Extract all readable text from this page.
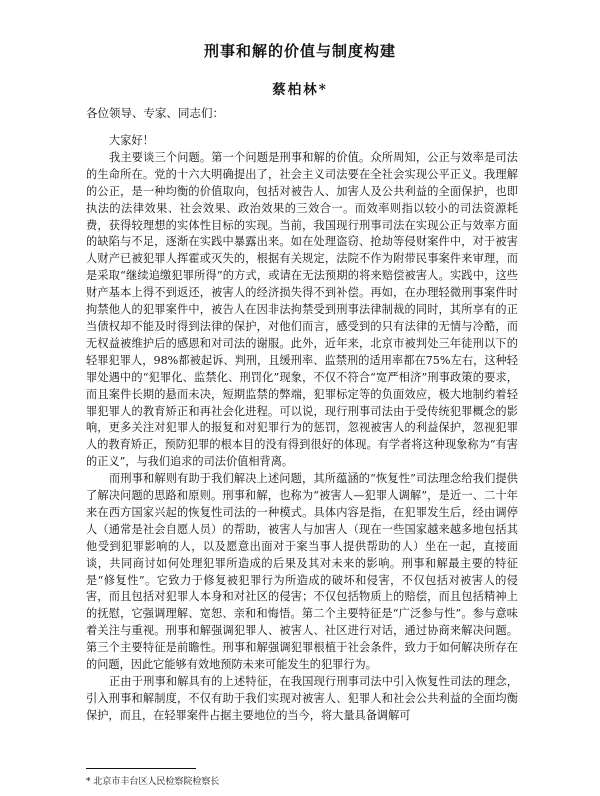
刑事和解的价值与制度构建
蔡柏林*
各位领导、专家、同志们：

大家好！

我主要谈三个问题。第一个问题是刑事和解的价值。众所周知，公正与效率是司法的生命所在。党的十六大明确提出了，社会主义司法要在全社会实现公平正义。我理解的公正，是一种均衡的价值取向，包括对被告人、加害人及公共利益的全面保护，也即执法的法律效果、社会效果、政治效果的三效合一。而效率则指以较小的司法资源耗费，获得较理想的实体性目标的实现。当前，我国现行刑事司法在实现公正与效率方面的缺陷与不足，逐渐在实践中暴露出来。如在处理盗窃、抢劫等侵财案件中，对于被害人财产已被犯罪人挥霍或灭失的，根据有关规定，法院不作为附带民事案件来审理，而是采取“继续追缴犯罪所得”的方式，或请在无法预期的将来赔偿被害人。实践中，这些财产基本上得不到返还，被害人的经济损失得不到补偿。再如，在办理轻微刑事案件时拘禁他人的犯罪案件中，被告人在因非法拘禁受到刑事法律制裁的同时，其所享有的正当债权却不能及时得到法律的保护，对他们而言，感受到的只有法律的无情与冷酷，而无权益被维护后的感恩和对司法的谢服。此外，近年来，北京市被判处三年徒刑以下的轻罪犯罪人，98%都被起诉、判刑，且缓刑率、监禁刑的适用率都在75%左右，这种轻罪处遇中的“犯罪化、监禁化、刑罚化”现象，不仅不符合“宽严相济”刑事政策的要求，而且案件长期的悬而未决，短期监禁的弊端，犯罪标定等的负面效应，极大地制约着轻罪犯罪人的教育矫正和再社会化进程。可以说，现行刑事司法由于受传统犯罪概念的影响，更多关注对犯罪人的报复和对犯罪行为的惩罚，忽视被害人的利益保护，忽视犯罪人的教育矫正，预防犯罪的根本目的没有得到很好的体现。有学者将这种现象称为“有害的正义”，与我们追求的司法价值相背离。

而刑事和解则有助于我们解决上述问题，其所蕴涵的“恢复性”司法理念给我们提供了解决问题的思路和原则。刑事和解，也称为“被害人—犯罪人调解”，是近一、二十年来在西方国家兴起的恢复性司法的一种模式。具体内容是指，在犯罪发生后，经由调停人（通常是社会自愿人员）的帮助，被害人与加害人（现在一些国家越来越多地包括其他受到犯罪影响的人，以及愿意出面对于案当事人提供帮助的人）坐在一起，直接面谈，共同商讨如何处理犯罪所造成的后果及其对未来的影响。刑事和解最主要的特征是“修复性”。它致力于修复被犯罪行为所造成的破坏和侵害，不仅包括对被害人的侵害，而且包括对犯罪人本身和对社区的侵害；不仅包括物质上的赔偿，而且包括精神上的抚慰，它强调理解、宽恕、亲和和悔悟。第二个主要特征是“广泛参与性”。参与意味着关注与重视。刑事和解强调犯罪人、被害人、社区进行对话，通过协商来解决问题。第三个主要特征是前瞻性。刑事和解强调犯罪根植于社会条件，致力于如何解决所存在的问题，因此它能够有效地预防未来可能发生的犯罪行为。

正由于刑事和解具有的上述特征，在我国现行刑事司法中引入恢复性司法的理念，引入刑事和解制度，不仅有助于我们实现对被害人、犯罪人和社会公共利益的全面均衡保护，而且，在轻罪案件占据主要地位的当今，将大量具备调解可

* 北京市丰台区人民检察院检察长
